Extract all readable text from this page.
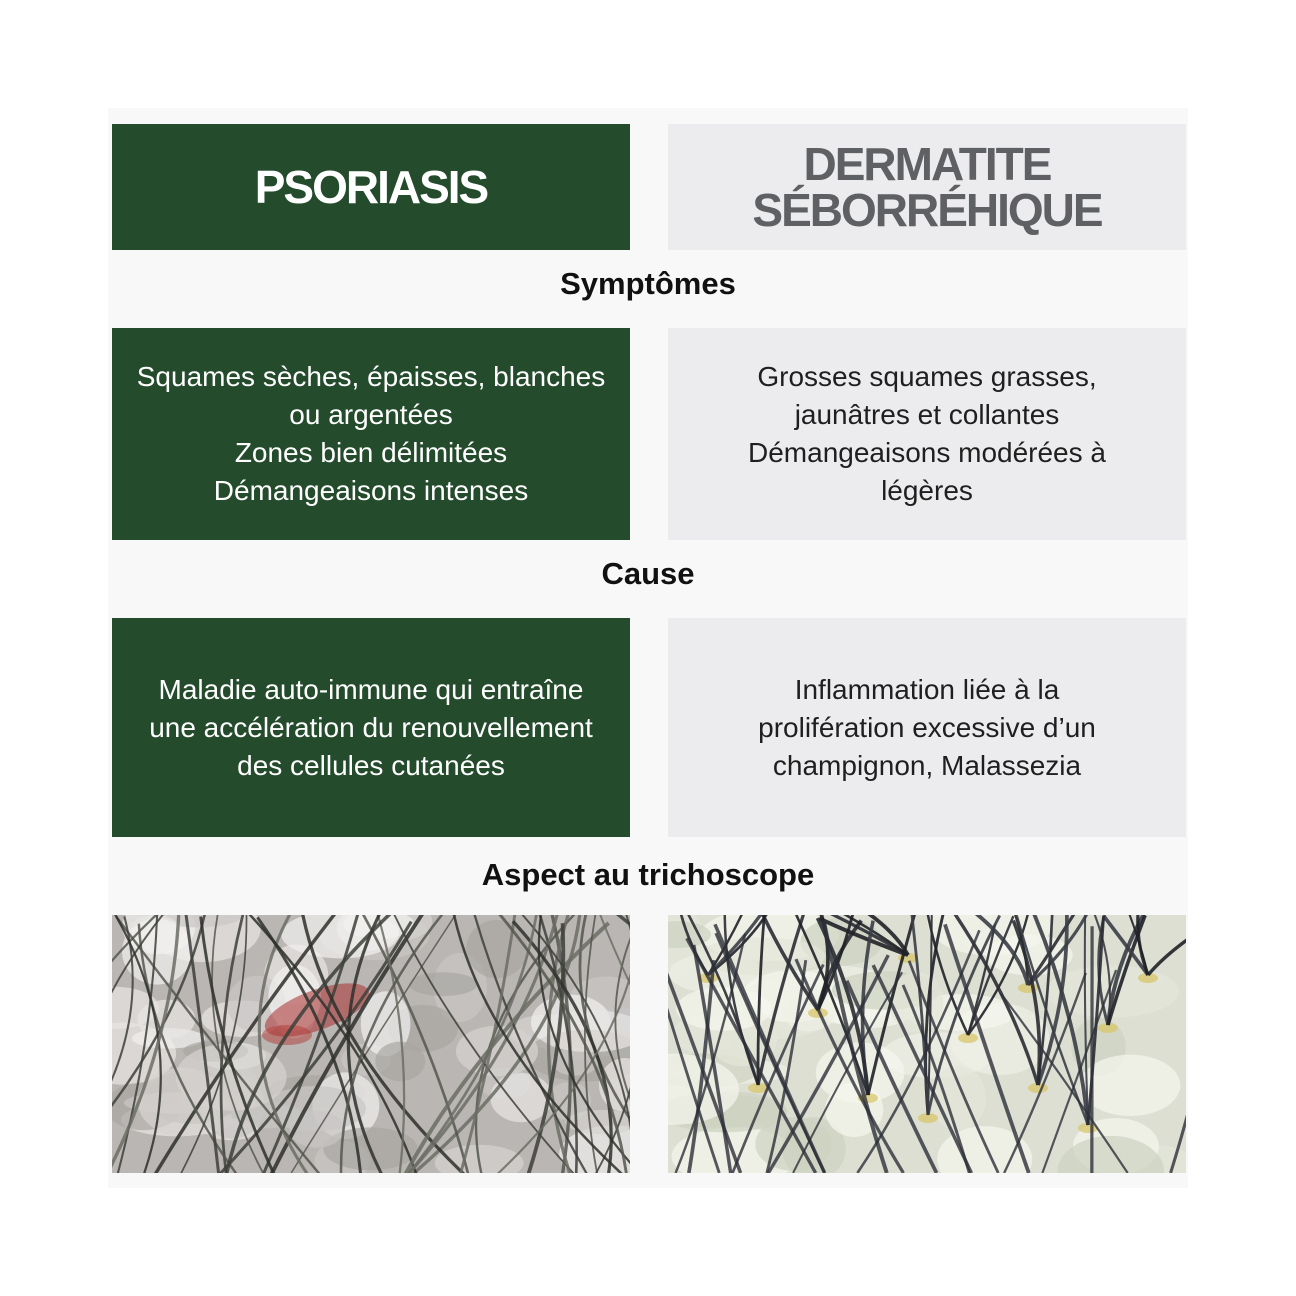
PSORIASIS	DERMATITE
SÉBORRÉHIQUE
Symptômes
Squames sèches, épaisses, blanches
ou argentées
Zones bien délimitées
Démangeaisons intenses
Grosses squames grasses,
jaunâtres et collantes
Démangeaisons modérées à
légères
Cause
Maladie auto-immune qui entraîne
une accélération du renouvellement
des cellules cutanées
Inflammation liée à la
prolifération excessive d’un
champignon, Malassezia
Aspect au trichoscope
